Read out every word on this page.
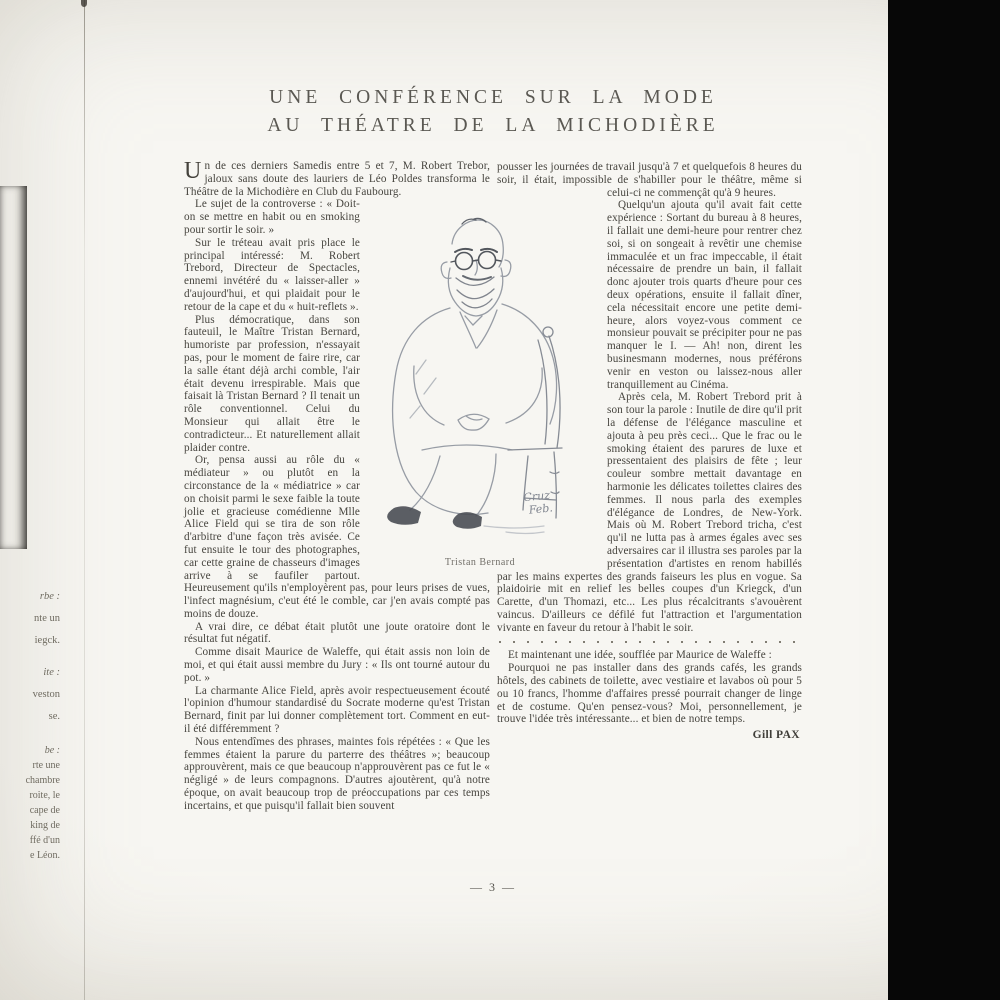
rbe :
nte un
iegck.
ite :
veston
se.
be :
rte une
chambre
roite, le
cape de
king de
ffé d'un
e Léon.
UNE CONFÉRENCE SUR LA MODE
AU THÉATRE DE LA MICHODIÈRE

Un de ces derniers Samedis entre 5 et 7, M. Robert Trebor, jaloux sans doute des lauriers de Léo Poldes transforma le Théâtre de la Michodière en Club du Faubourg.

Le sujet de la controverse : « Doit-on se mettre en habit ou en smoking pour sortir le soir. »

Sur le tréteau avait pris place le principal intéressé: M. Robert Trebord, Directeur de Spectacles, ennemi invétéré du « laisser-aller » d'aujourd'hui, et qui plaidait pour le retour de la cape et du « huit-reflets ».

Plus démocratique, dans son fauteuil, le Maître Tristan Bernard, humoriste par profession, n'essayait pas, pour le moment de faire rire, car la salle étant déjà archi comble, l'air était devenu irrespirable. Mais que faisait là Tristan Bernard ? Il tenait un rôle conventionnel. Celui du Monsieur qui allait être le contradicteur... Et naturellement allait plaider contre.

Or, pensa aussi au rôle du « médiateur » ou plutôt en la circonstance de la « médiatrice » car on choisit parmi le sexe faible la toute jolie et gracieuse comédienne Mlle Alice Field qui se tira de son rôle d'arbitre d'une façon très avisée. Ce fut ensuite le tour des photographes, car cette graine de chasseurs d'images arrive à se faufiler partout. Heureusement qu'ils n'employèrent pas, pour leurs prises de vues, l'infect magnésium, c'eut été le comble, car j'en avais compté pas moins de douze.

A vrai dire, ce débat était plutôt une joute oratoire dont le résultat fut négatif.

Comme disait Maurice de Waleffe, qui était assis non loin de moi, et qui était aussi membre du Jury : « Ils ont tourné autour du pot. »

La charmante Alice Field, après avoir respectueusement écouté l'opinion d'humour standardisé du Socrate moderne qu'est Tristan Bernard, finit par lui donner complètement tort. Comment en eut-il été différemment ?

Nous entendîmes des phrases, maintes fois répétées : « Que les femmes étaient la parure du parterre des théâtres »; beaucoup approuvèrent, mais ce que beaucoup n'approuvèrent pas ce fut le « négligé » de leurs compagnons. D'autres ajoutèrent, qu'à notre époque, on avait beaucoup trop de préoccupations par ces temps incertains, et que puisqu'il fallait bien souvent

Cruz
Feb.
Tristan Bernard

pousser les journées de travail jusqu'à 7 et quelquefois 8 heures du soir, il était, impossible de s'habiller pour le théâtre, même si celui-ci ne commençât qu'à 9 heures.

Quelqu'un ajouta qu'il avait fait cette expérience : Sortant du bureau à 8 heures, il fallait une demi-heure pour rentrer chez soi, si on songeait à revêtir une chemise immaculée et un frac impeccable, il était nécessaire de prendre un bain, il fallait donc ajouter trois quarts d'heure pour ces deux opérations, ensuite il fallait dîner, cela nécessitait encore une petite demi-heure, alors voyez-vous comment ce monsieur pouvait se précipiter pour ne pas manquer le I. — Ah! non, dirent les businesmann modernes, nous préférons venir en veston ou laissez-nous aller tranquillement au Cinéma.

Après cela, M. Robert Trebord prit à son tour la parole : Inutile de dire qu'il prit la défense de l'élégance masculine et ajouta à peu près ceci... Que le frac ou le smoking étaient des parures de luxe et pressentaient des plaisirs de fête ; leur couleur sombre mettait davantage en harmonie les délicates toilettes claires des femmes. Il nous parla des exemples d'élégance de Londres, de New-York. Mais où M. Robert Trebord tricha, c'est qu'il ne lutta pas à armes égales avec ses adversaires car il illustra ses paroles par la présentation d'artistes en renom habillés par les mains expertes des grands faiseurs les plus en vogue. Sa plaidoirie mit en relief les belles coupes d'un Kriegck, d'un Carette, d'un Thomazi, etc... Les plus récalcitrants s'avouèrent vaincus. D'ailleurs ce défilé fut l'attraction et l'argumentation vivante en faveur du retour à l'habit le soir.

Et maintenant une idée, soufflée par Maurice de Waleffe :

Pourquoi ne pas installer dans des grands cafés, les grands hôtels, des cabinets de toilette, avec vestiaire et lavabos où pour 5 ou 10 francs, l'homme d'affaires pressé pourrait changer de linge et de costume. Qu'en pensez-vous? Moi, personnellement, je trouve l'idée très intéressante... et bien de notre temps.

Gill PAX
— 3 —
